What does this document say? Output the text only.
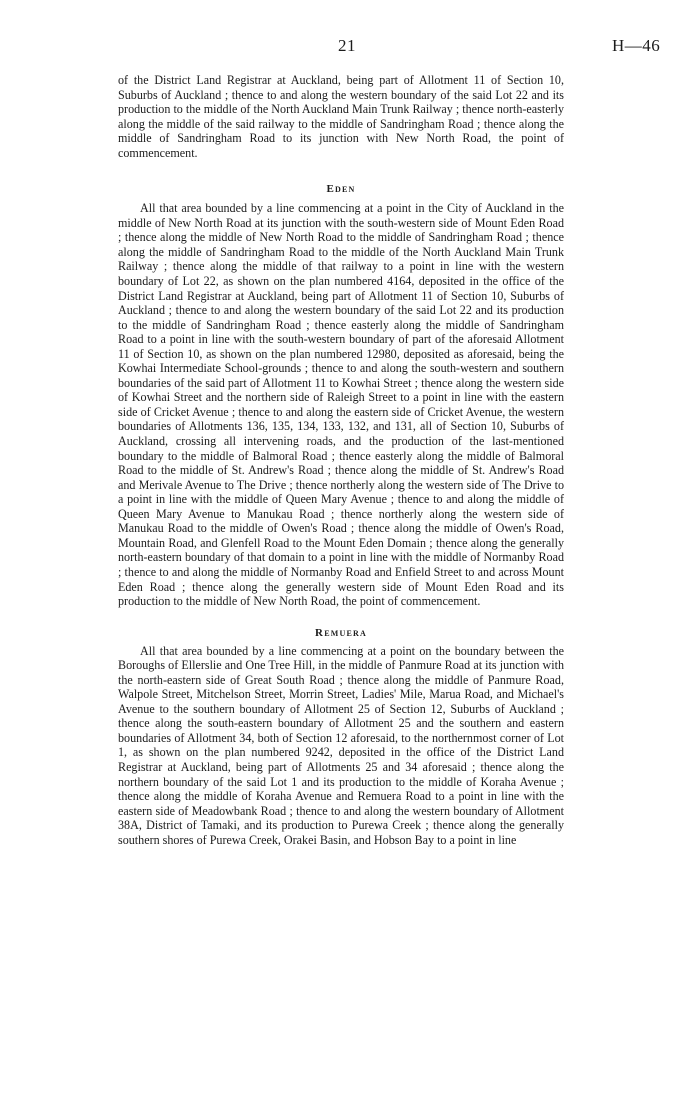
21	H—46

of the District Land Registrar at Auckland, being part of Allotment 11 of Section 10, Suburbs of Auckland ; thence to and along the western boundary of the said Lot 22 and its production to the middle of the North Auckland Main Trunk Railway ; thence north-easterly along the middle of the said railway to the middle of Sandringham Road ; thence along the middle of Sandringham Road to its junction with New North Road, the point of commencement.

Eden

All that area bounded by a line commencing at a point in the City of Auckland in the middle of New North Road at its junction with the south-western side of Mount Eden Road ; thence along the middle of New North Road to the middle of Sandringham Road ; thence along the middle of Sandringham Road to the middle of the North Auckland Main Trunk Railway ; thence along the middle of that railway to a point in line with the western boundary of Lot 22, as shown on the plan numbered 4164, deposited in the office of the District Land Registrar at Auckland, being part of Allotment 11 of Section 10, Suburbs of Auckland ; thence to and along the western boundary of the said Lot 22 and its production to the middle of Sandringham Road ; thence easterly along the middle of Sandringham Road to a point in line with the south-western boundary of part of the aforesaid Allotment 11 of Section 10, as shown on the plan numbered 12980, deposited as aforesaid, being the Kowhai Intermediate School-grounds ; thence to and along the south-western and southern boundaries of the said part of Allotment 11 to Kowhai Street ; thence along the western side of Kowhai Street and the northern side of Raleigh Street to a point in line with the eastern side of Cricket Avenue ; thence to and along the eastern side of Cricket Avenue, the western boundaries of Allotments 136, 135, 134, 133, 132, and 131, all of Section 10, Suburbs of Auckland, crossing all intervening roads, and the production of the last-mentioned boundary to the middle of Balmoral Road ; thence easterly along the middle of Balmoral Road to the middle of St. Andrew's Road ; thence along the middle of St. Andrew's Road and Merivale Avenue to The Drive ; thence northerly along the western side of The Drive to a point in line with the middle of Queen Mary Avenue ; thence to and along the middle of Queen Mary Avenue to Manukau Road ; thence northerly along the western side of Manukau Road to the middle of Owen's Road ; thence along the middle of Owen's Road, Mountain Road, and Glenfell Road to the Mount Eden Domain ; thence along the generally north-eastern boundary of that domain to a point in line with the middle of Normanby Road ; thence to and along the middle of Normanby Road and Enfield Street to and across Mount Eden Road ; thence along the generally western side of Mount Eden Road and its production to the middle of New North Road, the point of commencement.

Remuera

All that area bounded by a line commencing at a point on the boundary between the Boroughs of Ellerslie and One Tree Hill, in the middle of Panmure Road at its junction with the north-eastern side of Great South Road ; thence along the middle of Panmure Road, Walpole Street, Mitchelson Street, Morrin Street, Ladies' Mile, Marua Road, and Michael's Avenue to the southern boundary of Allotment 25 of Section 12, Suburbs of Auckland ; thence along the south-eastern boundary of Allotment 25 and the southern and eastern boundaries of Allotment 34, both of Section 12 aforesaid, to the northernmost corner of Lot 1, as shown on the plan numbered 9242, deposited in the office of the District Land Registrar at Auckland, being part of Allotments 25 and 34 aforesaid ; thence along the northern boundary of the said Lot 1 and its production to the middle of Koraha Avenue ; thence along the middle of Koraha Avenue and Remuera Road to a point in line with the eastern side of Meadowbank Road ; thence to and along the western boundary of Allotment 38A, District of Tamaki, and its production to Purewa Creek ; thence along the generally southern shores of Purewa Creek, Orakei Basin, and Hobson Bay to a point in line
